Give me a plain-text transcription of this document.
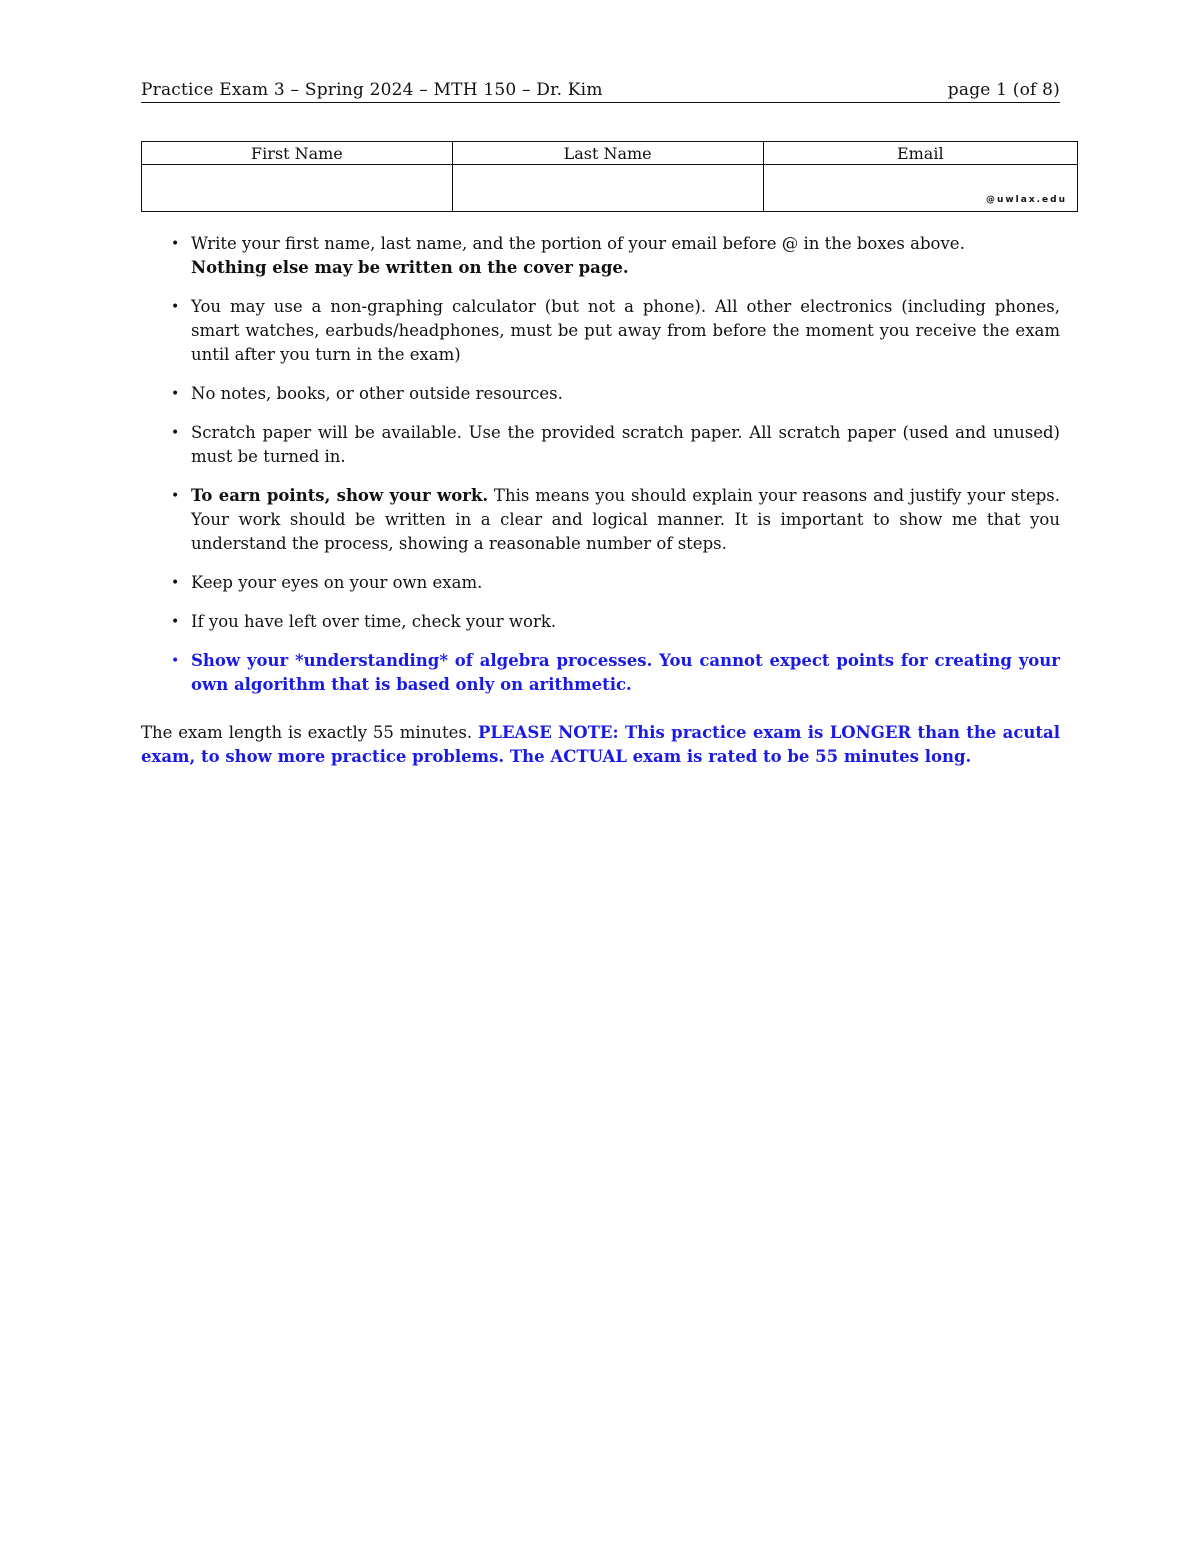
Practice Exam 3 – Spring 2024 – MTH 150 – Dr. Kim	page 1 (of 8)
First Name	Last Name	Email

		@uwlax.edu
• Write your first name, last name, and the portion of your email before @ in the boxes above.
Nothing else may be written on the cover page.
• You may use a non-graphing calculator (but not a phone). All other electronics (including phones, smart watches, earbuds/headphones, must be put away from before the moment you receive the exam until after you turn in the exam)
• No notes, books, or other outside resources.
• Scratch paper will be available. Use the provided scratch paper. All scratch paper (used and unused) must be turned in.
• To earn points, show your work. This means you should explain your reasons and justify your steps. Your work should be written in a clear and logical manner. It is important to show me that you understand the process, showing a reasonable number of steps.
• Keep your eyes on your own exam.
• If you have left over time, check your work.
• Show your *understanding* of algebra processes. You cannot expect points for creating your own algorithm that is based only on arithmetic.

The exam length is exactly 55 minutes. PLEASE NOTE: This practice exam is LONGER than the acutal exam, to show more practice problems. The ACTUAL exam is rated to be 55 minutes long.
